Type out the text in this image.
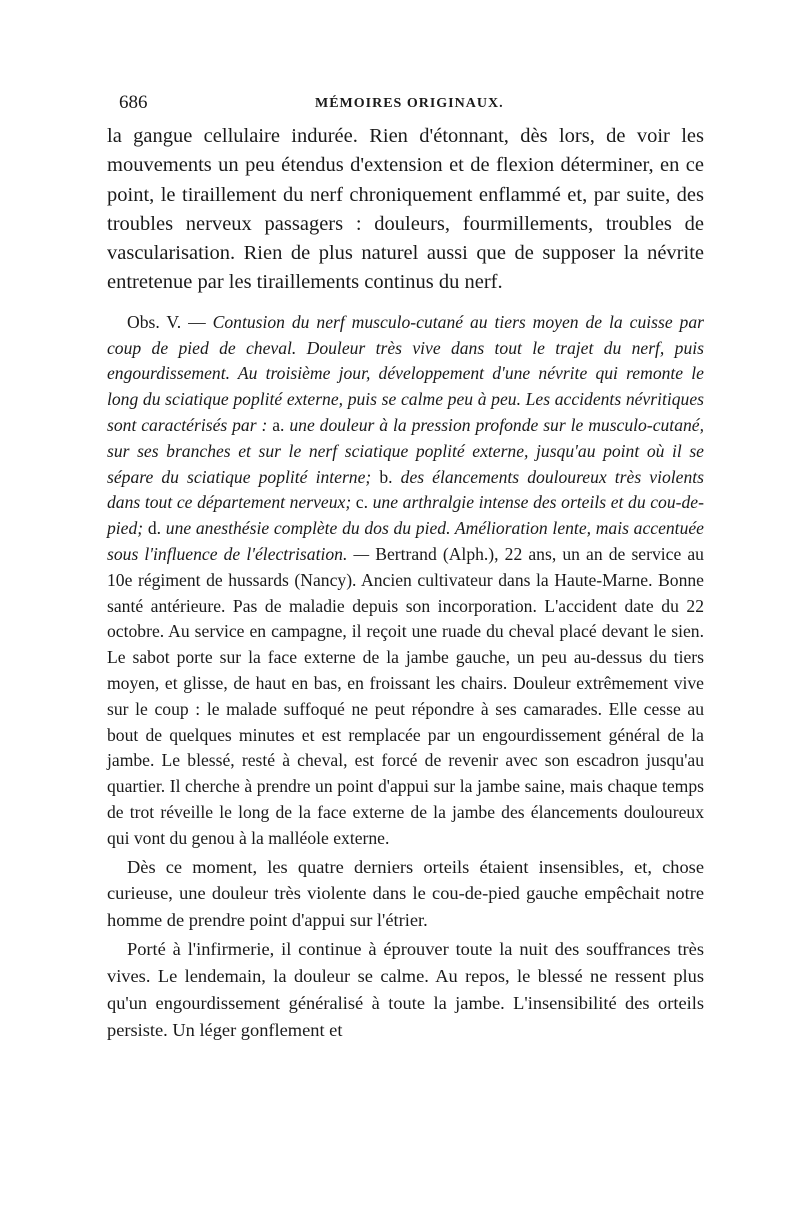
686	MÉMOIRES ORIGINAUX.

la gangue cellulaire indurée. Rien d'étonnant, dès lors, de voir les mouvements un peu étendus d'extension et de flexion déterminer, en ce point, le tiraillement du nerf chroniquement enflammé et, par suite, des troubles nerveux passagers : douleurs, fourmillements, troubles de vascularisation. Rien de plus naturel aussi que de supposer la névrite entretenue par les tiraillements continus du nerf.

Obs. V. — Contusion du nerf musculo-cutané au tiers moyen de la cuisse par coup de pied de cheval. Douleur très vive dans tout le trajet du nerf, puis engourdissement. Au troisième jour, développement d'une névrite qui remonte le long du sciatique poplité externe, puis se calme peu à peu. Les accidents névritiques sont caractérisés par : a. une douleur à la pression profonde sur le musculo-cutané, sur ses branches et sur le nerf sciatique poplité externe, jusqu'au point où il se sépare du sciatique poplité interne; b. des élancements douloureux très violents dans tout ce département nerveux; c. une arthralgie intense des orteils et du cou-de-pied; d. une anesthésie complète du dos du pied. Amélioration lente, mais accentuée sous l'influence de l'électrisation. — Bertrand (Alph.), 22 ans, un an de service au 10e régiment de hussards (Nancy). Ancien cultivateur dans la Haute-Marne. Bonne santé antérieure. Pas de maladie depuis son incorporation. L'accident date du 22 octobre. Au service en campagne, il reçoit une ruade du cheval placé devant le sien. Le sabot porte sur la face externe de la jambe gauche, un peu au-dessus du tiers moyen, et glisse, de haut en bas, en froissant les chairs. Douleur extrêmement vive sur le coup : le malade suffoqué ne peut répondre à ses camarades. Elle cesse au bout de quelques minutes et est remplacée par un engourdissement général de la jambe. Le blessé, resté à cheval, est forcé de revenir avec son escadron jusqu'au quartier. Il cherche à prendre un point d'appui sur la jambe saine, mais chaque temps de trot réveille le long de la face externe de la jambe des élancements douloureux qui vont du genou à la malléole externe.

Dès ce moment, les quatre derniers orteils étaient insensibles, et, chose curieuse, une douleur très violente dans le cou-de-pied gauche empêchait notre homme de prendre point d'appui sur l'étrier.

Porté à l'infirmerie, il continue à éprouver toute la nuit des souffrances très vives. Le lendemain, la douleur se calme. Au repos, le blessé ne ressent plus qu'un engourdissement généralisé à toute la jambe. L'insensibilité des orteils persiste. Un léger gonflement et
